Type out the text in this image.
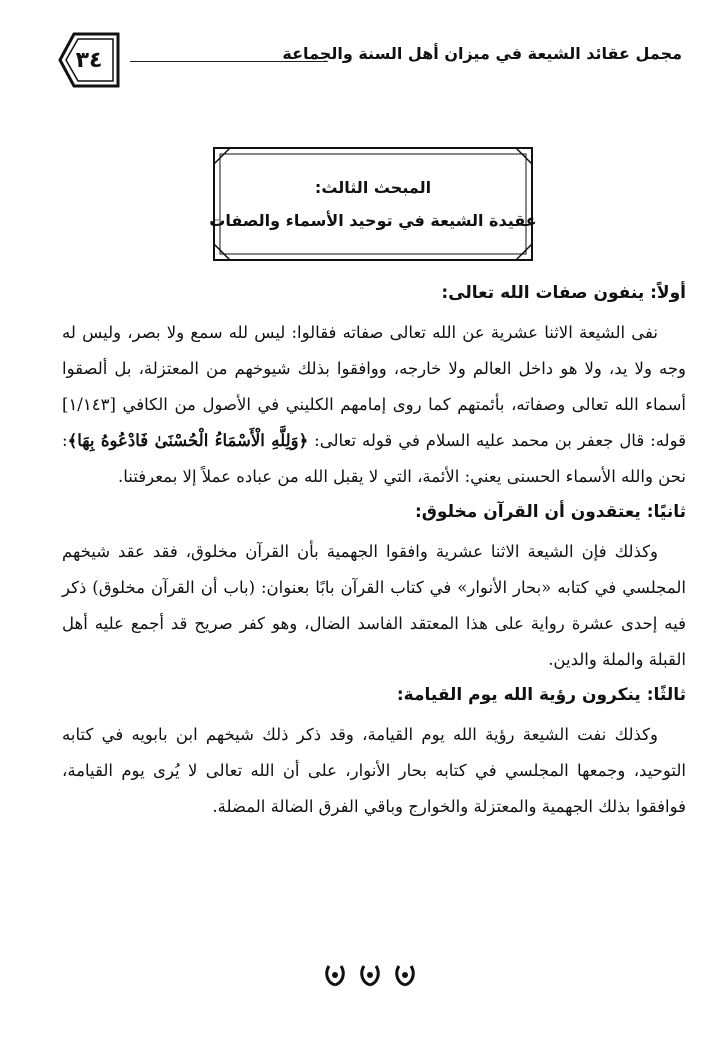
٣٤	مجمل عقائد الشيعة في ميزان أهل السنة والجماعة
المبحث الثالث:
عقيدة الشيعة في توحيد الأسماء والصفات
أولاً: ينفون صفات الله تعالى:

نفى الشيعة الاثنا عشرية عن الله تعالى صفاته فقالوا: ليس لله سمع ولا بصر، وليس له وجه ولا يد، ولا هو داخل العالم ولا خارجه، ووافقوا بذلك شيوخهم من المعتزلة، بل ألصقوا أسماء الله تعالى وصفاته، بأئمتهم كما روى إمامهم الكليني في الأصول من الكافي [١/١٤٣] قوله: قال جعفر بن محمد عليه السلام في قوله تعالى: ﴿وَلِلَّهِ الْأَسْمَاءُ الْحُسْنَىٰ فَادْعُوهُ بِهَا﴾: نحن والله الأسماء الحسنى يعني: الأئمة، التي لا يقبل الله من عباده عملاً إلا بمعرفتنا.

ثانيًا: يعتقدون أن القرآن مخلوق:

وكذلك فإن الشيعة الاثنا عشرية وافقوا الجهمية بأن القرآن مخلوق، فقد عقد شيخهم المجلسي في كتابه «بحار الأنوار» في كتاب القرآن بابًا بعنوان: (باب أن القرآن مخلوق) ذكر فيه إحدى عشرة رواية على هذا المعتقد الفاسد الضال، وهو كفر صريح قد أجمع عليه أهل القبلة والملة والدين.

ثالثًا: ينكرون رؤية الله يوم القيامة:

وكذلك نفت الشيعة رؤية الله يوم القيامة، وقد ذكر ذلك شيخهم ابن بابويه في كتابه التوحيد، وجمعها المجلسي في كتابه بحار الأنوار، على أن الله تعالى لا يُرى يوم القيامة، فوافقوا بذلك الجهمية والمعتزلة والخوارج وباقي الفرق الضالة المضلة.
